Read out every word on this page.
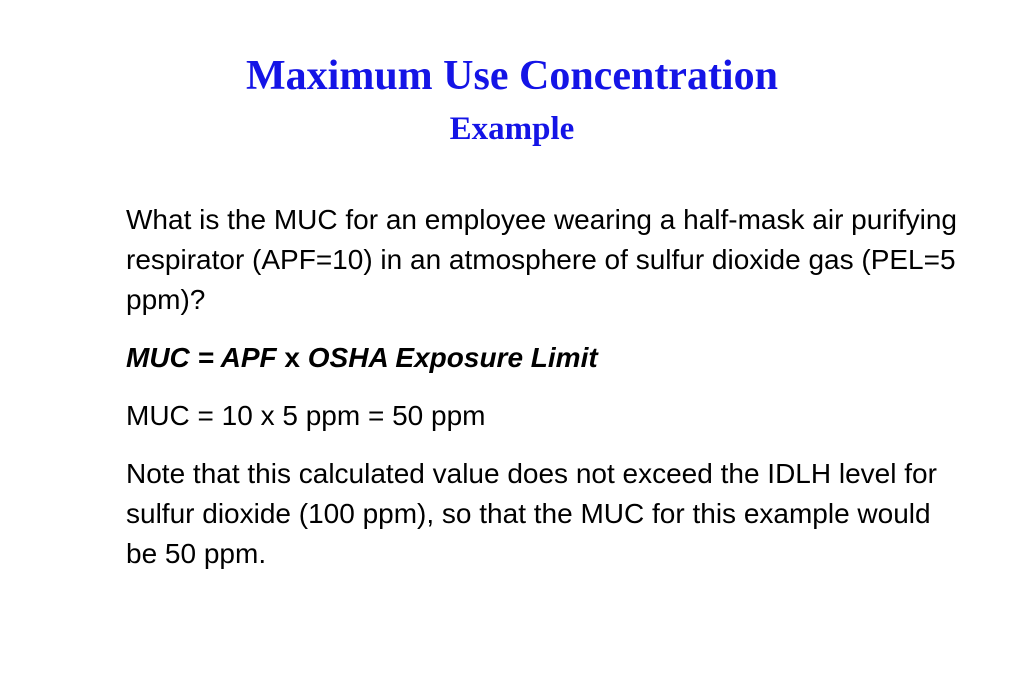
Maximum Use Concentration
Example

What is the MUC for an employee wearing a half-mask air purifying respirator (APF=10) in an atmosphere of sulfur dioxide gas (PEL=5 ppm)?

MUC = APF x OSHA Exposure Limit

MUC = 10 x 5 ppm = 50 ppm

Note that this calculated value does not exceed the IDLH level for sulfur dioxide (100 ppm), so that the MUC for this example would be 50 ppm.
